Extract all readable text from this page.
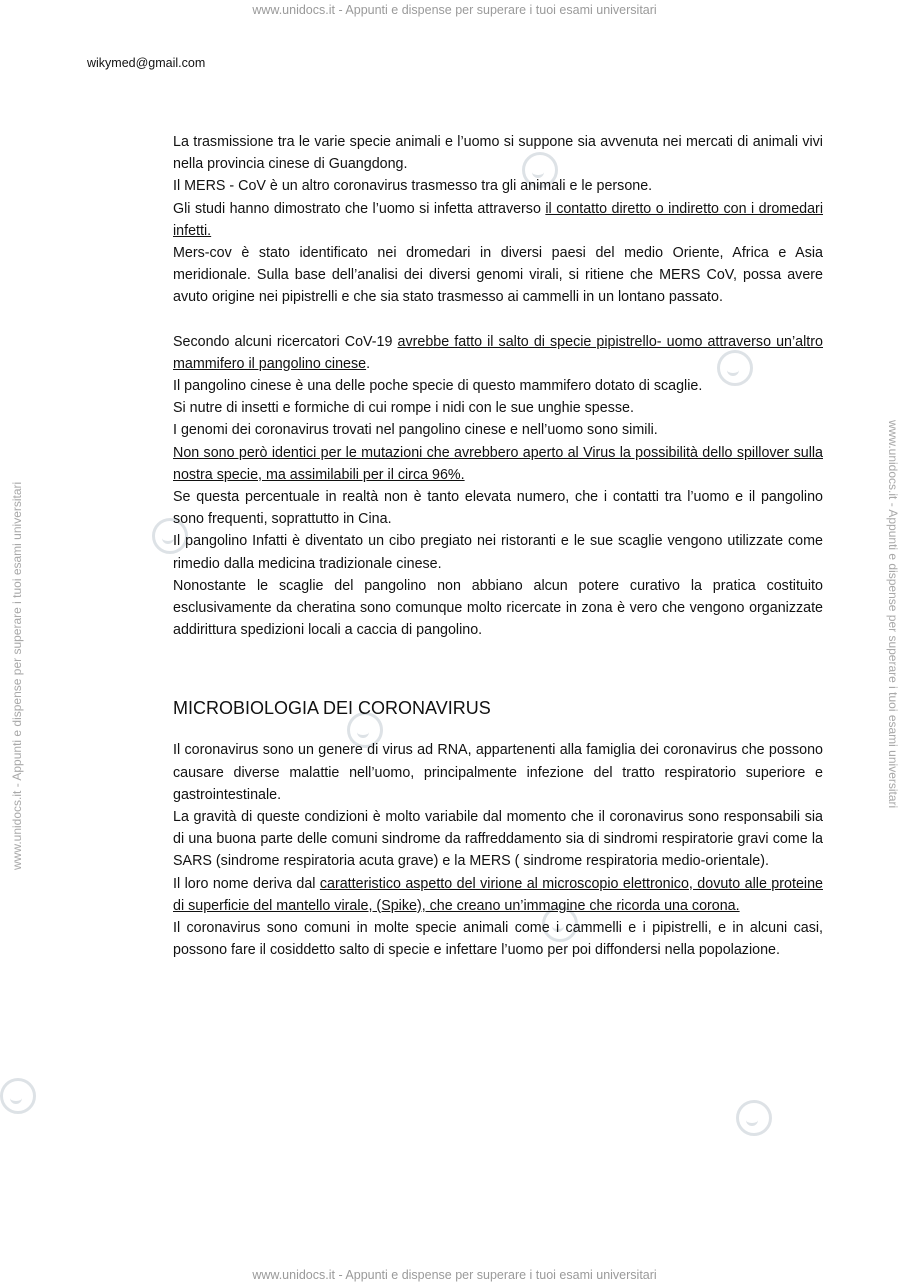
www.unidocs.it - Appunti e dispense per superare i tuoi esami universitari
www.unidocs.it - Appunti e dispense per superare i tuoi esami universitari
www.unidocs.it - Appunti e dispense per superare i tuoi esami universitari	www.unidocs.it - Appunti e dispense per superare i tuoi esami universitari
wikymed@gmail.com

La trasmissione tra le varie specie animali e l’uomo si suppone sia avvenuta nei mercati di animali vivi nella provincia cinese di Guangdong.

Il MERS - CoV è un altro coronavirus trasmesso tra gli animali e le persone.

Gli studi hanno dimostrato che l’uomo si infetta attraverso il contatto diretto o indiretto con i dromedari infetti.

Mers-cov è stato identificato nei dromedari in diversi paesi del medio Oriente, Africa e Asia meridionale. Sulla base dell’analisi dei diversi genomi virali, si ritiene che MERS CoV, possa avere avuto origine nei pipistrelli e che sia stato trasmesso ai cammelli in un lontano passato.

Secondo alcuni ricercatori CoV-19 avrebbe fatto il salto di specie pipistrello- uomo attraverso un’altro mammifero il pangolino cinese.

Il pangolino cinese è una delle poche specie di questo mammifero dotato di scaglie.

Si nutre di insetti e formiche di cui rompe i nidi con le sue unghie spesse.

I genomi dei coronavirus trovati nel pangolino cinese e nell’uomo sono simili.

Non sono però identici per le mutazioni che avrebbero aperto al Virus la possibilità dello spillover sulla nostra specie, ma assimilabili per il circa 96%.

Se questa percentuale in realtà non è tanto elevata numero, che i contatti tra l’uomo e il pangolino sono frequenti, soprattutto in Cina.

Il pangolino Infatti è diventato un cibo pregiato nei ristoranti e le sue scaglie vengono utilizzate come rimedio dalla medicina tradizionale cinese.

Nonostante le scaglie del pangolino non abbiano alcun potere curativo la pratica costituito esclusivamente da cheratina sono comunque molto ricercate in zona è vero che vengono organizzate addirittura spedizioni locali a caccia di pangolino.

MICROBIOLOGIA DEI CORONAVIRUS

Il coronavirus sono un genere di virus ad RNA, appartenenti alla famiglia dei coronavirus che possono causare diverse malattie nell’uomo, principalmente infezione del tratto respiratorio superiore e gastrointestinale.

La gravità di queste condizioni è molto variabile dal momento che il coronavirus sono responsabili sia di una buona parte delle comuni sindrome da raffreddamento sia di sindromi respiratorie gravi come la SARS (sindrome respiratoria acuta grave) e la MERS ( sindrome respiratoria medio-orientale).

Il loro nome deriva dal caratteristico aspetto del virione al microscopio elettronico, dovuto alle proteine di superficie del mantello virale, (Spike), che creano un’immagine che ricorda una corona.

Il coronavirus sono comuni in molte specie animali come i cammelli e i pipistrelli, e in alcuni casi, possono fare il cosiddetto salto di specie e infettare l’uomo per poi diffondersi nella popolazione.
